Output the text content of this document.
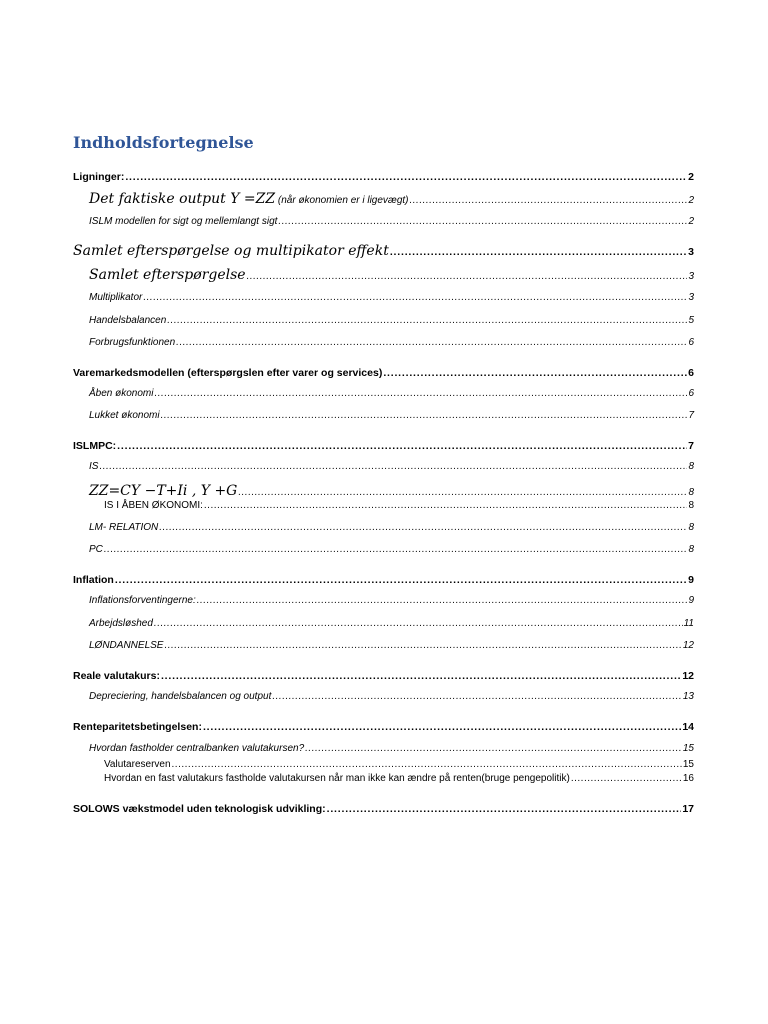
Indholdsfortegnelse
Ligninger: .....	2
Det faktiske output Y =ZZ (når økonomien er i ligevægt) .....	2
ISLM modellen for sigt og mellemlangt sigt .....	2
Samlet efterspørgelse og multipikator effekt .....	3
Samlet efterspørgelse .....	3
Multiplikator .....	3
Handelsbalancen .....	5
Forbrugsfunktionen .....	6
Varemarkedsmodellen (efterspørgslen efter varer og services) .....	6
Åben økonomi .....	6
Lukket økonomi .....	7
ISLMPC: .....	7
IS .....	8
ZZ=CY −T+Ii , Y +G .....	8
IS I ÅBEN ØKONOMI: .....	8
LM- RELATION .....	8
PC .....	8
Inflation .....	9
Inflationsforventingerne: .....	9
Arbejdsløshed .....	11
LØNDANNELSE .....	12
Reale valutakurs: .....	12
Depreciering, handelsbalancen og output .....	13
Renteparitetsbetingelsen: .....	14
Hvordan fastholder centralbanken valutakursen? .....	15
Valutareserven .....	15
Hvordan en fast valutakurs fastholde valutakursen når man ikke kan ændre på renten(bruge pengepolitik) .....	16
SOLOWS vækstmodel uden teknologisk udvikling: .....	17
